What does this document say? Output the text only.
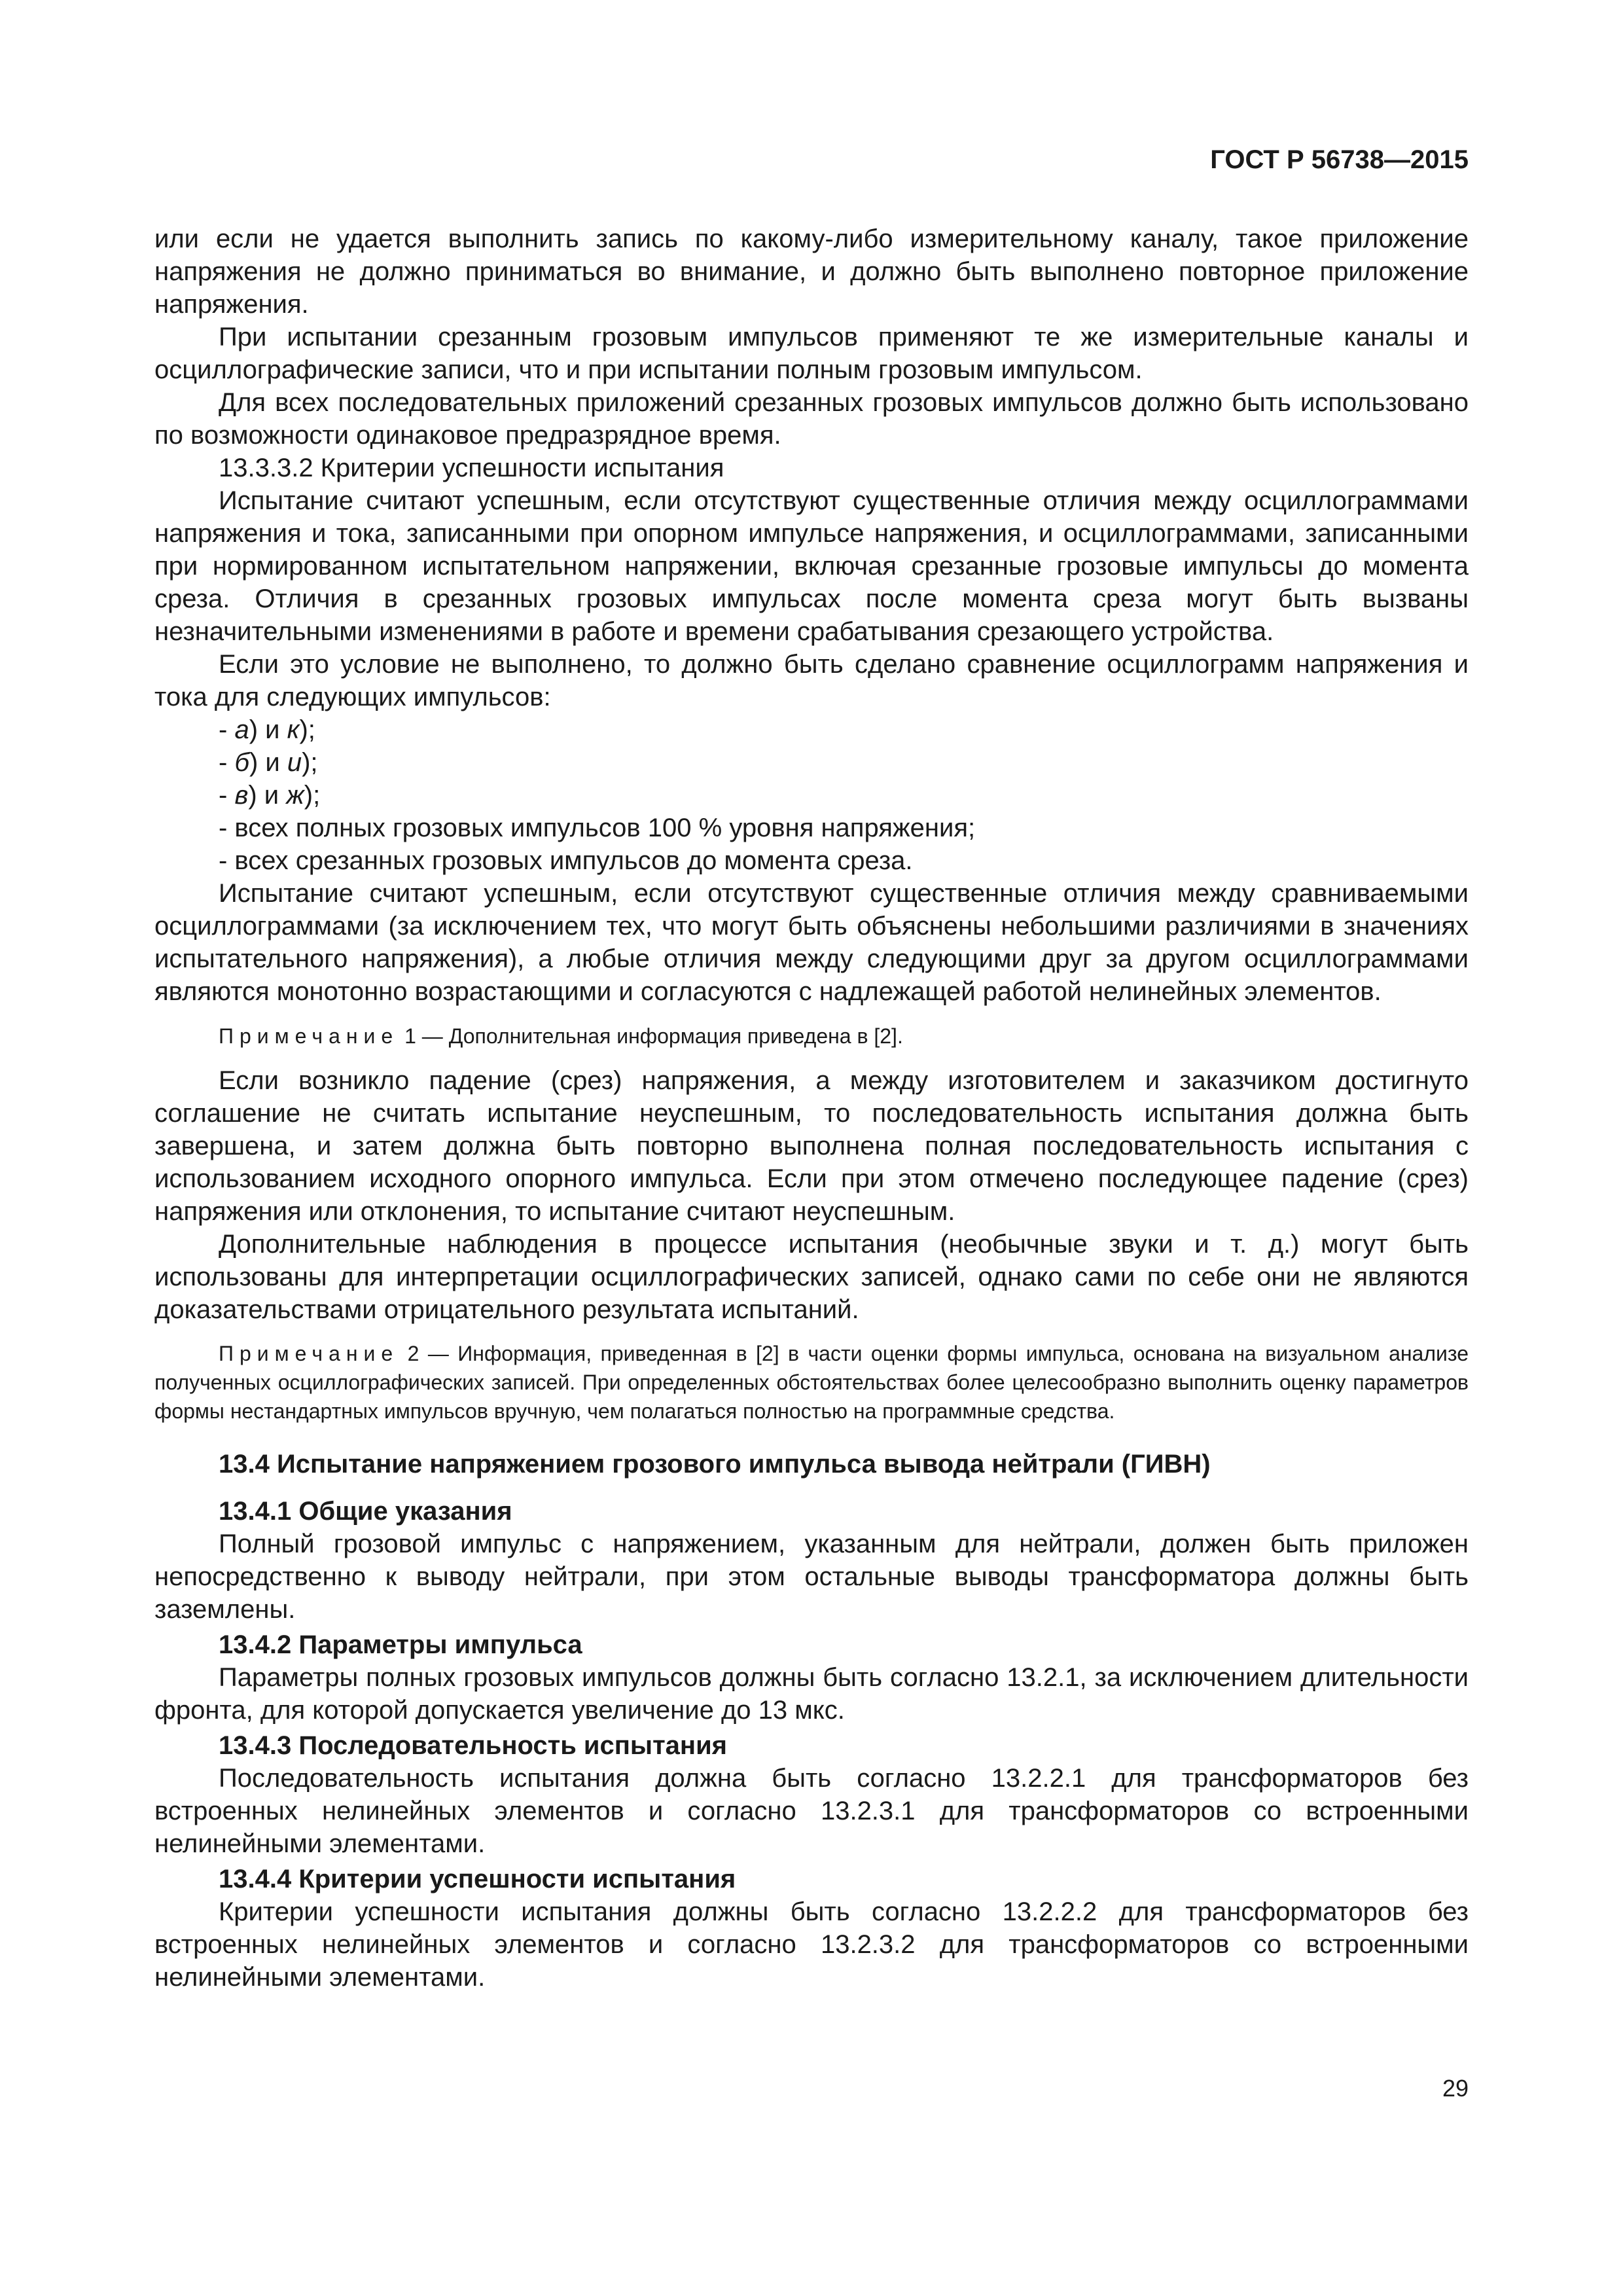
ГОСТ Р 56738—2015

или если не удается выполнить запись по какому-либо измерительному каналу, такое приложение напряжения не должно приниматься во внимание, и должно быть выполнено повторное приложение напряжения.

При испытании срезанным грозовым импульсов применяют те же измерительные каналы и осциллографические записи, что и при испытании полным грозовым импульсом.

Для всех последовательных приложений срезанных грозовых импульсов должно быть использовано по возможности одинаковое предразрядное время.

13.3.3.2 Критерии успешности испытания

Испытание считают успешным, если отсутствуют существенные отличия между осциллограммами напряжения и тока, записанными при опорном импульсе напряжения, и осциллограммами, записанными при нормированном испытательном напряжении, включая срезанные грозовые импульсы до момента среза. Отличия в срезанных грозовых импульсах после момента среза могут быть вызваны незначительными изменениями в работе и времени срабатывания срезающего устройства.

Если это условие не выполнено, то должно быть сделано сравнение осциллограмм напряжения и тока для следующих импульсов:

- а) и к);

- б) и и);

- в) и ж);

- всех полных грозовых импульсов 100 % уровня напряжения;

- всех срезанных грозовых импульсов до момента среза.

Испытание считают успешным, если отсутствуют существенные отличия между сравниваемыми осциллограммами (за исключением тех, что могут быть объяснены небольшими различиями в значениях испытательного напряжения), а любые отличия между следующими друг за другом осциллограммами являются монотонно возрастающими и согласуются с надлежащей работой нелинейных элементов.

Примечание 1 — Дополнительная информация приведена в [2].

Если возникло падение (срез) напряжения, а между изготовителем и заказчиком достигнуто соглашение не считать испытание неуспешным, то последовательность испытания должна быть завершена, и затем должна быть повторно выполнена полная последовательность испытания с использованием исходного опорного импульса. Если при этом отмечено последующее падение (срез) напряжения или отклонения, то испытание считают неуспешным.

Дополнительные наблюдения в процессе испытания (необычные звуки и т. д.) могут быть использованы для интерпретации осциллографических записей, однако сами по себе они не являются доказательствами отрицательного результата испытаний.

Примечание 2 — Информация, приведенная в [2] в части оценки формы импульса, основана на визуальном анализе полученных осциллографических записей. При определенных обстоятельствах более целесообразно выполнить оценку параметров формы нестандартных импульсов вручную, чем полагаться полностью на программные средства.

13.4 Испытание напряжением грозового импульса вывода нейтрали (ГИВН)
13.4.1 Общие указания

Полный грозовой импульс с напряжением, указанным для нейтрали, должен быть приложен непосредственно к выводу нейтрали, при этом остальные выводы трансформатора должны быть заземлены.

13.4.2 Параметры импульса

Параметры полных грозовых импульсов должны быть согласно 13.2.1, за исключением длительности фронта, для которой допускается увеличение до 13 мкс.

13.4.3 Последовательность испытания

Последовательность испытания должна быть согласно 13.2.2.1 для трансформаторов без встроенных нелинейных элементов и согласно 13.2.3.1 для трансформаторов со встроенными нелинейными элементами.

13.4.4 Критерии успешности испытания

Критерии успешности испытания должны быть согласно 13.2.2.2 для трансформаторов без встроенных нелинейных элементов и согласно 13.2.3.2 для трансформаторов со встроенными нелинейными элементами.

29
